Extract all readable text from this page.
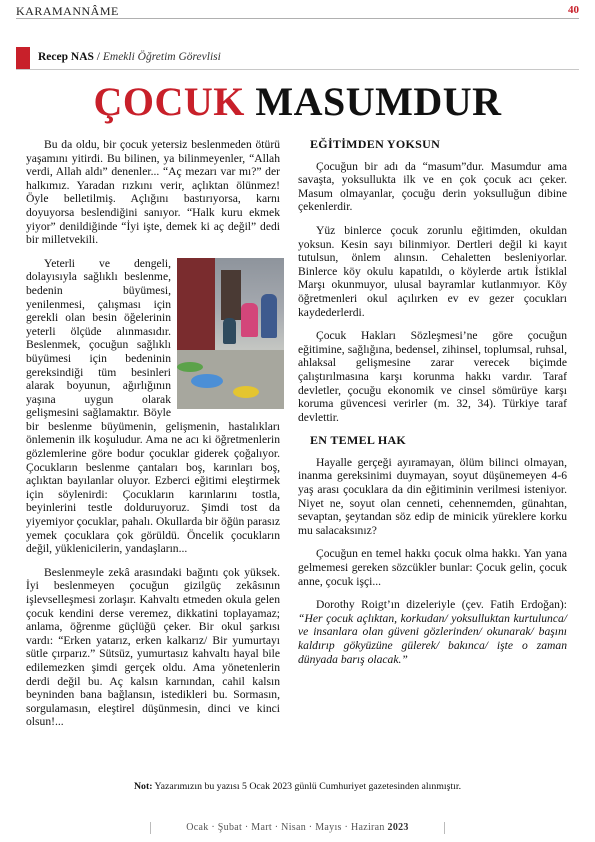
KARAMANNÂME	40
Recep NAS / Emekli Öğretim Görevlisi
ÇOCUK MASUMDUR

Bu da oldu, bir çocuk yetersiz beslenmeden ötürü yaşamını yitirdi. Bu bilinen, ya bilinmeyenler, “Allah verdi, Allah aldı” denenler... “Aç mezarı var mı?” der halkımız. Yaradan rızkını verir, açlıktan ölünmez! Öyle belletilmiş. Açlığını bastırıyorsa, karnı doyuyorsa beslendiğini sanıyor. “Halk kuru ekmek yiyor” denildiğinde “İyi işte, demek ki aç değil” dedi bir milletvekili.

Yeterli ve dengeli, dolayısıyla sağlıklı beslenme, bedenin büyümesi, yenilenmesi, çalışması için gerekli olan besin öğelerinin yeterli ölçüde alınmasıdır. Beslenmek, çocuğun sağlıklı büyümesi için bedeninin gereksindiği tüm besinleri alarak boyunun, ağırlığının yaşına uygun olarak gelişmesini sağlamaktır. Böyle bir beslenme büyümenin, gelişmenin, hastalıkları önlemenin ilk koşuludur. Ama ne acı ki öğretmenlerin gözlemlerine göre bodur çocuklar giderek çoğalıyor. Çocukların beslenme çantaları boş, karınları boş, açlıktan bayılanlar oluyor. Ezberci eğitimi eleştirmek için söylenirdi: Çocukların karınlarını tostla, beyinlerini testle dolduruyoruz. Şimdi tost da yiyemiyor çocuklar, pahalı. Okullarda bir öğün parasız yemek çocuklara çok görüldü. Öncelik çocukların değil, yüklenicilerin, yandaşların...

Beslenmeyle zekâ arasındaki bağıntı çok yüksek. İyi beslenmeyen çocuğun gizilgüç zekâsının işlevselleşmesi zorlaşır. Kahvaltı etmeden okula gelen çocuk kendini derse veremez, dikkatini toplayamaz; anlama, öğrenme güçlüğü çeker. Bir okul şarkısı vardı: “Erken yatarız, erken kalkarız/ Bir yumurtayı sütle çırparız.” Sütsüz, yumurtasız kahvaltı hayal bile edilemezken şimdi gerçek oldu. Ama yönetenlerin derdi değil bu. Aç kalsın karnından, cahil kalsın beyninden bana bağlansın, istedikleri bu. Sormasın, sorgulamasın, eleştirel düşünmesin, dinci ve kinci olsun!...

EĞİTİMDEN YOKSUN

Çocuğun bir adı da “masum”dur. Masumdur ama savaşta, yoksullukta ilk ve en çok çocuk acı çeker. Masum olmayanlar, çocuğu derin yoksulluğun dibine çekenlerdir.

Yüz binlerce çocuk zorunlu eğitimden, okuldan yoksun. Kesin sayı bilinmiyor. Dertleri değil ki kayıt tutulsun, önlem alınsın. Cehaletten besleniyorlar. Binlerce köy okulu kapatıldı, o köylerde artık İstiklal Marşı okunmuyor, ulusal bayramlar kutlanmıyor. Köy öğretmenleri okul açılırken ev ev gezer çocukları kaydederlerdi.

Çocuk Hakları Sözleşmesi’ne göre çocuğun eğitimine, sağlığına, bedensel, zihinsel, toplumsal, ruhsal, ahlaksal gelişmesine zarar verecek biçimde çalıştırılmasına karşı korunma hakkı vardır. Taraf devletler, çocuğu ekonomik ve cinsel sömürüye karşı koruma güvencesi verirler (m. 32, 34). Türkiye taraf devlettir.

EN TEMEL HAK

Hayalle gerçeği ayıramayan, ölüm bilinci olmayan, inanma gereksinimi duymayan, soyut düşünemeyen 4-6 yaş arası çocuklara da din eğitiminin verilmesi isteniyor. Niyet ne, soyut olan cenneti, cehennemden, günahtan, sevaptan, şeytandan söz edip de minicik yüreklere korku mu salacaksınız?

Çocuğun en temel hakkı çocuk olma hakkı. Yan yana gelmemesi gereken sözcükler bunlar: Çocuk gelin, çocuk anne, çocuk işçi...

Dorothy Roigt’ın dizeleriyle (çev. Fatih Erdoğan): “Her çocuk açlıktan, korkudan/ yoksulluktan kurtulunca/ ve insanlara olan güveni gözlerinden/ okunarak/ başını kaldırıp gökyüzüne gülerek/ bakınca/ işte o zaman dünyada barış olacak.”

Not: Yazarımızın bu yazısı 5 Ocak 2023 günlü Cumhuriyet gazetesinden alınmıştır.
Ocak · Şubat · Mart · Nisan · Mayıs · Haziran 2023
